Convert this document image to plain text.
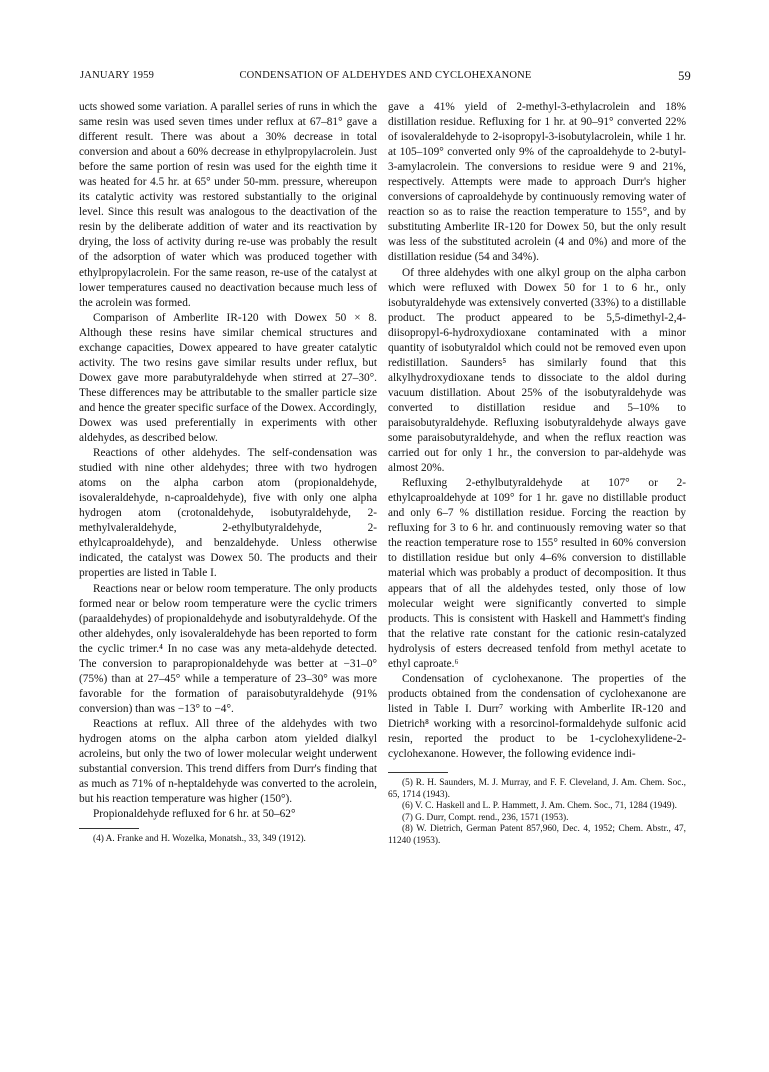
JANUARY 1959	CONDENSATION OF ALDEHYDES AND CYCLOHEXANONE	59

ucts showed some variation. A parallel series of runs in which the same resin was used seven times under reflux at 67–81° gave a different result. There was about a 30% decrease in total conversion and about a 60% decrease in ethylpropylacrolein. Just before the same portion of resin was used for the eighth time it was heated for 4.5 hr. at 65° under 50-mm. pressure, whereupon its catalytic activity was restored substantially to the original level. Since this result was analogous to the deactivation of the resin by the deliberate addition of water and its reactivation by drying, the loss of activity during re-use was probably the result of the adsorption of water which was produced together with ethylpropylacrolein. For the same reason, re-use of the catalyst at lower temperatures caused no deactivation because much less of the acrolein was formed.

Comparison of Amberlite IR-120 with Dowex 50 × 8. Although these resins have similar chemical structures and exchange capacities, Dowex appeared to have greater catalytic activity. The two resins gave similar results under reflux, but Dowex gave more parabutyraldehyde when stirred at 27–30°. These differences may be attributable to the smaller particle size and hence the greater specific surface of the Dowex. Accordingly, Dowex was used preferentially in experiments with other aldehydes, as described below.

Reactions of other aldehydes. The self-condensation was studied with nine other aldehydes; three with two hydrogen atoms on the alpha carbon atom (propionaldehyde, isovaleraldehyde, n-caproaldehyde), five with only one alpha hydrogen atom (crotonaldehyde, isobutyraldehyde, 2-methylvaleraldehyde, 2-ethylbutyraldehyde, 2-ethylcaproaldehyde), and benzaldehyde. Unless otherwise indicated, the catalyst was Dowex 50. The products and their properties are listed in Table I.

Reactions near or below room temperature. The only products formed near or below room temperature were the cyclic trimers (paraaldehydes) of propionaldehyde and isobutyraldehyde. Of the other aldehydes, only isovaleraldehyde has been reported to form the cyclic trimer.⁴ In no case was any meta-aldehyde detected. The conversion to parapropionaldehyde was better at −31–0° (75%) than at 27–45° while a temperature of 23–30° was more favorable for the formation of paraisobutyraldehyde (91% conversion) than was −13° to −4°.

Reactions at reflux. All three of the aldehydes with two hydrogen atoms on the alpha carbon atom yielded dialkyl acroleins, but only the two of lower molecular weight underwent substantial conversion. This trend differs from Durr's finding that as much as 71% of n-heptaldehyde was converted to the acrolein, but his reaction temperature was higher (150°).

Propionaldehyde refluxed for 6 hr. at 50–62°

(4) A. Franke and H. Wozelka, Monatsh., 33, 349 (1912).

gave a 41% yield of 2-methyl-3-ethylacrolein and 18% distillation residue. Refluxing for 1 hr. at 90–91° converted 22% of isovaleraldehyde to 2-isopropyl-3-isobutylacrolein, while 1 hr. at 105–109° converted only 9% of the caproaldehyde to 2-butyl-3-amylacrolein. The conversions to residue were 9 and 21%, respectively. Attempts were made to approach Durr's higher conversions of caproaldehyde by continuously removing water of reaction so as to raise the reaction temperature to 155°, and by substituting Amberlite IR-120 for Dowex 50, but the only result was less of the substituted acrolein (4 and 0%) and more of the distillation residue (54 and 34%).

Of three aldehydes with one alkyl group on the alpha carbon which were refluxed with Dowex 50 for 1 to 6 hr., only isobutyraldehyde was extensively converted (33%) to a distillable product. The product appeared to be 5,5-dimethyl-2,4-diisopropyl-6-hydroxydioxane contaminated with a minor quantity of isobutyraldol which could not be removed even upon redistillation. Saunders⁵ has similarly found that this alkylhydroxydioxane tends to dissociate to the aldol during vacuum distillation. About 25% of the isobutyraldehyde was converted to distillation residue and 5–10% to paraisobutyraldehyde. Refluxing isobutyraldehyde always gave some paraisobutyraldehyde, and when the reflux reaction was carried out for only 1 hr., the conversion to par-aldehyde was almost 20%.

Refluxing 2-ethylbutyraldehyde at 107° or 2-ethylcaproaldehyde at 109° for 1 hr. gave no distillable product and only 6–7 % distillation residue. Forcing the reaction by refluxing for 3 to 6 hr. and continuously removing water so that the reaction temperature rose to 155° resulted in 60% conversion to distillation residue but only 4–6% conversion to distillable material which was probably a product of decomposition. It thus appears that of all the aldehydes tested, only those of low molecular weight were significantly converted to simple products. This is consistent with Haskell and Hammett's finding that the relative rate constant for the cationic resin-catalyzed hydrolysis of esters decreased tenfold from methyl acetate to ethyl caproate.⁶

Condensation of cyclohexanone. The properties of the products obtained from the condensation of cyclohexanone are listed in Table I. Durr⁷ working with Amberlite IR-120 and Dietrich⁸ working with a resorcinol-formaldehyde sulfonic acid resin, reported the product to be 1-cyclohexylidene-2-cyclohexanone. However, the following evidence indi-

(5) R. H. Saunders, M. J. Murray, and F. F. Cleveland, J. Am. Chem. Soc., 65, 1714 (1943).

(6) V. C. Haskell and L. P. Hammett, J. Am. Chem. Soc., 71, 1284 (1949).

(7) G. Durr, Compt. rend., 236, 1571 (1953).

(8) W. Dietrich, German Patent 857,960, Dec. 4, 1952; Chem. Abstr., 47, 11240 (1953).
